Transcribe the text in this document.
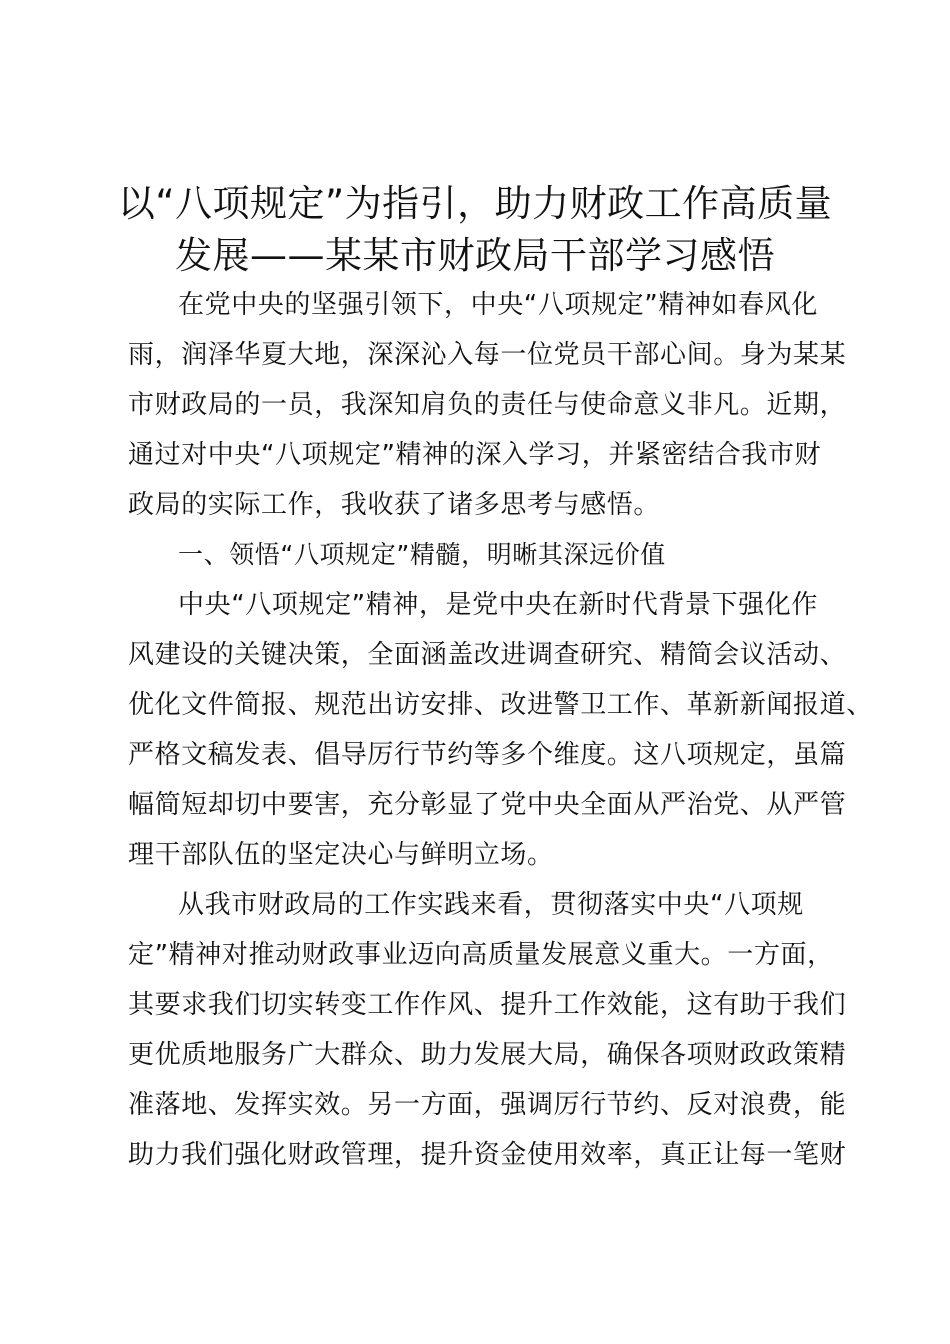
以“八项规定”为指引，助力财政工作高质量
发展——某某市财政局干部学习感悟
在党中央的坚强引领下，中央“八项规定”精神如春风化
雨，润泽华夏大地，深深沁入每一位党员干部心间。身为某某
市财政局的一员，我深知肩负的责任与使命意义非凡。近期，
通过对中央“八项规定”精神的深入学习，并紧密结合我市财
政局的实际工作，我收获了诸多思考与感悟。
一、领悟“八项规定”精髓，明晰其深远价值
中央“八项规定”精神，是党中央在新时代背景下强化作
风建设的关键决策，全面涵盖改进调查研究、精简会议活动、
优化文件简报、规范出访安排、改进警卫工作、革新新闻报道、
严格文稿发表、倡导厉行节约等多个维度。这八项规定，虽篇
幅简短却切中要害，充分彰显了党中央全面从严治党、从严管
理干部队伍的坚定决心与鲜明立场。
从我市财政局的工作实践来看，贯彻落实中央“八项规
定”精神对推动财政事业迈向高质量发展意义重大。一方面，
其要求我们切实转变工作作风、提升工作效能，这有助于我们
更优质地服务广大群众、助力发展大局，确保各项财政政策精
准落地、发挥实效。另一方面，强调厉行节约、反对浪费，能
助力我们强化财政管理，提升资金使用效率，真正让每一笔财
